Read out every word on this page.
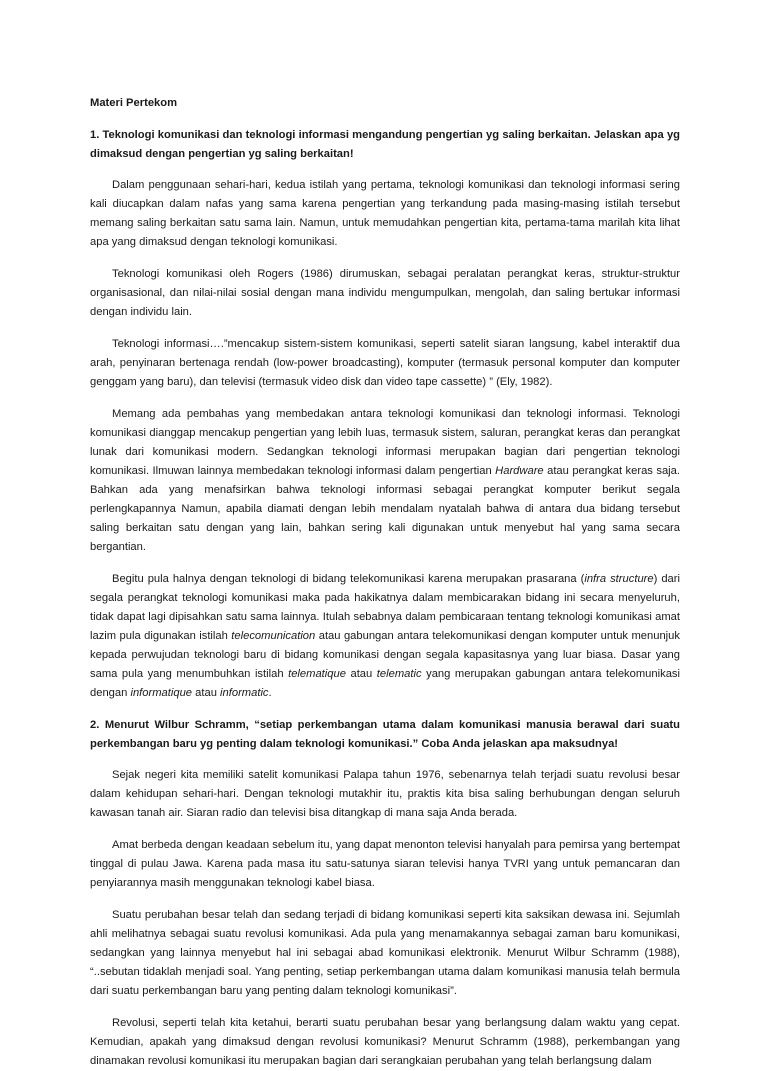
Materi Pertekom

1. Teknologi komunikasi dan teknologi informasi mengandung pengertian yg saling berkaitan. Jelaskan apa yg dimaksud dengan pengertian yg saling berkaitan!

Dalam penggunaan sehari-hari, kedua istilah yang pertama, teknologi komunikasi dan teknologi informasi sering kali diucapkan dalam nafas yang sama karena pengertian yang terkandung pada masing-masing istilah tersebut memang saling berkaitan satu sama lain. Namun, untuk memudahkan pengertian kita, pertama-tama marilah kita lihat apa yang dimaksud dengan teknologi komunikasi.

Teknologi komunikasi oleh Rogers (1986) dirumuskan, sebagai peralatan perangkat keras, struktur-struktur organisasional, dan nilai-nilai sosial dengan mana individu mengumpulkan, mengolah, dan saling bertukar informasi dengan individu lain.

Teknologi informasi….”mencakup sistem-sistem komunikasi, seperti satelit siaran langsung, kabel interaktif dua arah, penyinaran bertenaga rendah (low-power broadcasting), komputer (termasuk personal komputer dan komputer genggam yang baru), dan televisi (termasuk video disk dan video tape cassette) ” (Ely, 1982).

Memang ada pembahas yang membedakan antara teknologi komunikasi dan teknologi informasi. Teknologi komunikasi dianggap mencakup pengertian yang lebih luas, termasuk sistem, saluran, perangkat keras dan perangkat lunak dari komunikasi modern. Sedangkan teknologi informasi merupakan bagian dari pengertian teknologi komunikasi. Ilmuwan lainnya membedakan teknologi informasi dalam pengertian Hardware atau perangkat keras saja. Bahkan ada yang menafsirkan bahwa teknologi informasi sebagai perangkat komputer berikut segala perlengkapannya Namun, apabila diamati dengan lebih mendalam nyatalah bahwa di antara dua bidang tersebut saling berkaitan satu dengan yang lain, bahkan sering kali digunakan untuk menyebut hal yang sama secara bergantian.

Begitu pula halnya dengan teknologi di bidang telekomunikasi karena merupakan prasarana (infra structure) dari segala perangkat teknologi komunikasi maka pada hakikatnya dalam membicarakan bidang ini secara menyeluruh, tidak dapat lagi dipisahkan satu sama lainnya. Itulah sebabnya dalam pembicaraan tentang teknologi komunikasi amat lazim pula digunakan istilah telecomunication atau gabungan antara telekomunikasi dengan komputer untuk menunjuk kepada perwujudan teknologi baru di bidang komunikasi dengan segala kapasitasnya yang luar biasa. Dasar yang sama pula yang menumbuhkan istilah telematique atau telematic yang merupakan gabungan antara telekomunikasi dengan informatique atau informatic.

2. Menurut Wilbur Schramm, “setiap perkembangan utama dalam komunikasi manusia berawal dari suatu perkembangan baru yg penting dalam teknologi komunikasi.” Coba Anda jelaskan apa maksudnya!

Sejak negeri kita memiliki satelit komunikasi Palapa tahun 1976, sebenarnya telah terjadi suatu revolusi besar dalam kehidupan sehari-hari. Dengan teknologi mutakhir itu, praktis kita bisa saling berhubungan dengan seluruh kawasan tanah air. Siaran radio dan televisi bisa ditangkap di mana saja Anda berada.

Amat berbeda dengan keadaan sebelum itu, yang dapat menonton televisi hanyalah para pemirsa yang bertempat tinggal di pulau Jawa. Karena pada masa itu satu-satunya siaran televisi hanya TVRI yang untuk pemancaran dan penyiarannya masih menggunakan teknologi kabel biasa.

Suatu perubahan besar telah dan sedang terjadi di bidang komunikasi seperti kita saksikan dewasa ini. Sejumlah ahli melihatnya sebagai suatu revolusi komunikasi. Ada pula yang menamakannya sebagai zaman baru komunikasi, sedangkan yang lainnya menyebut hal ini sebagai abad komunikasi elektronik. Menurut Wilbur Schramm (1988), “..sebutan tidaklah menjadi soal. Yang penting, setiap perkembangan utama dalam komunikasi manusia telah bermula dari suatu perkembangan baru yang penting dalam teknologi komunikasi”.

Revolusi, seperti telah kita ketahui, berarti suatu perubahan besar yang berlangsung dalam waktu yang cepat. Kemudian, apakah yang dimaksud dengan revolusi komunikasi? Menurut Schramm (1988), perkembangan yang dinamakan revolusi komunikasi itu merupakan bagian dari serangkaian perubahan yang telah berlangsung dalam
